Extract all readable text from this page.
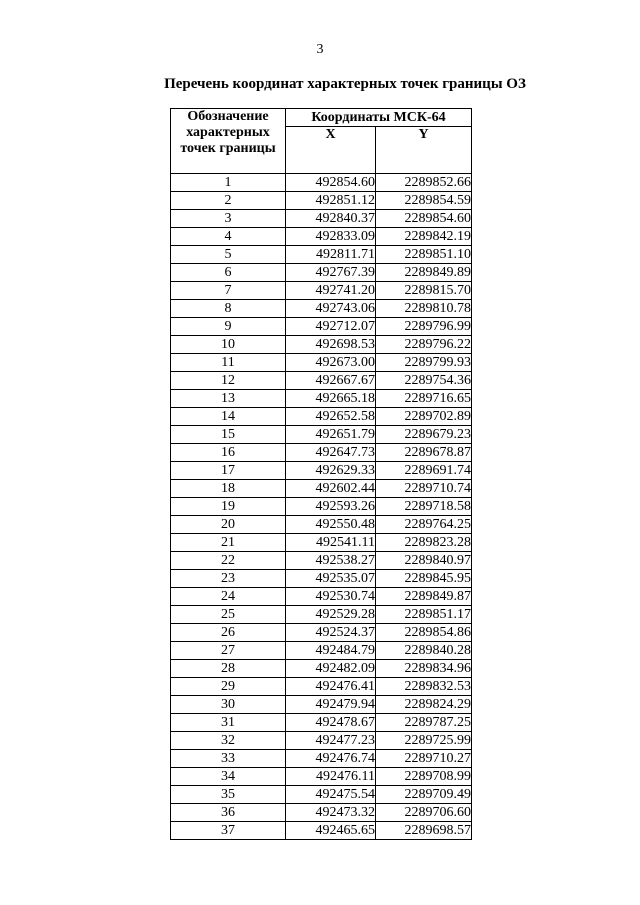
3
Перечень координат характерных точек границы ОЗ
Обозначение характерных точек границы	Координаты МСК-64	
	X	Y
1	492854.60	2289852.66
2	492851.12	2289854.59
3	492840.37	2289854.60
4	492833.09	2289842.19
5	492811.71	2289851.10
6	492767.39	2289849.89
7	492741.20	2289815.70
8	492743.06	2289810.78
9	492712.07	2289796.99
10	492698.53	2289796.22
11	492673.00	2289799.93
12	492667.67	2289754.36
13	492665.18	2289716.65
14	492652.58	2289702.89
15	492651.79	2289679.23
16	492647.73	2289678.87
17	492629.33	2289691.74
18	492602.44	2289710.74
19	492593.26	2289718.58
20	492550.48	2289764.25
21	492541.11	2289823.28
22	492538.27	2289840.97
23	492535.07	2289845.95
24	492530.74	2289849.87
25	492529.28	2289851.17
26	492524.37	2289854.86
27	492484.79	2289840.28
28	492482.09	2289834.96
29	492476.41	2289832.53
30	492479.94	2289824.29
31	492478.67	2289787.25
32	492477.23	2289725.99
33	492476.74	2289710.27
34	492476.11	2289708.99
35	492475.54	2289709.49
36	492473.32	2289706.60
37	492465.65	2289698.57
